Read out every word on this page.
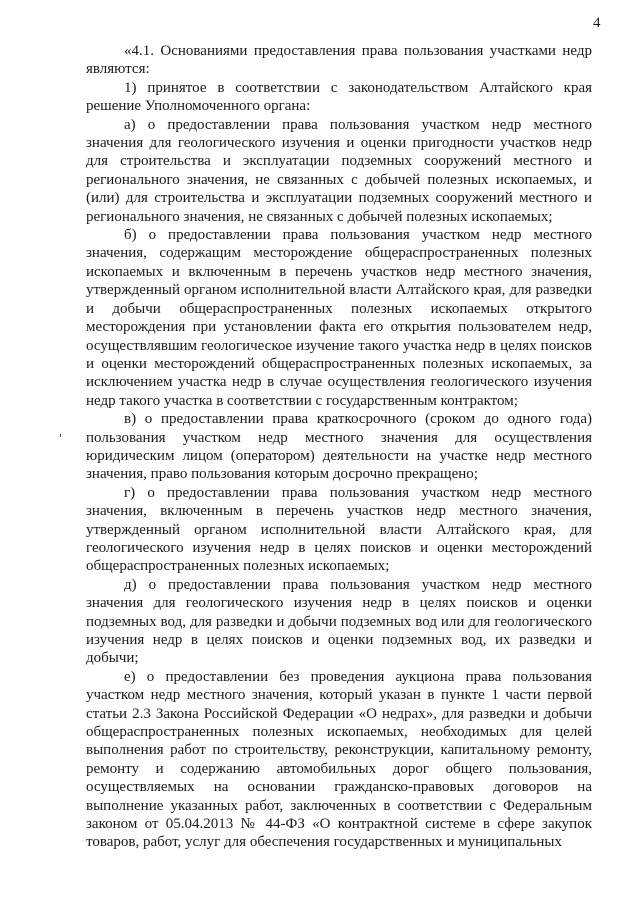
4

«4.1. Основаниями предоставления права пользования участками недр являются:

1) принятое в соответствии с законодательством Алтайского края решение Уполномоченного органа:

а) о предоставлении права пользования участком недр местного значения для геологического изучения и оценки пригодности участков недр для строительства и эксплуатации подземных сооружений местного и регионального значения, не связанных с добычей полезных ископаемых, и (или) для строительства и эксплуатации подземных сооружений местного и регионального значения, не связанных с добычей полезных ископаемых;

б) о предоставлении права пользования участком недр местного значения, содержащим месторождение общераспространенных полезных ископаемых и включенным в перечень участков недр местного значения, утвержденный органом исполнительной власти Алтайского края, для разведки и добычи общераспространенных полезных ископаемых открытого месторождения при установлении факта его открытия пользователем недр, осуществлявшим геологическое изучение такого участка недр в целях поисков и оценки месторождений общераспространенных полезных ископаемых, за исключением участка недр в случае осуществления геологического изучения недр такого участка в соответствии с государственным контрактом;

в) о предоставлении права краткосрочного (сроком до одного года) пользования участком недр местного значения для осуществления юридическим лицом (оператором) деятельности на участке недр местного значения, право пользования которым досрочно прекращено;

г) о предоставлении права пользования участком недр местного значения, включенным в перечень участков недр местного значения, утвержденный органом исполнительной власти Алтайского края, для геологического изучения недр в целях поисков и оценки месторождений общераспространенных полезных ископаемых;

д) о предоставлении права пользования участком недр местного значения для геологического изучения недр в целях поисков и оценки подземных вод, для разведки и добычи подземных вод или для геологического изучения недр в целях поисков и оценки подземных вод, их разведки и добычи;

е) о предоставлении без проведения аукциона права пользования участком недр местного значения, который указан в пункте 1 части первой статьи 2.3 Закона Российской Федерации «О недрах», для разведки и добычи общераспространенных полезных ископаемых, необходимых для целей выполнения работ по строительству, реконструкции, капитальному ремонту, ремонту и содержанию автомобильных дорог общего пользования, осуществляемых на основании гражданско-правовых договоров на выполнение указанных работ, заключенных в соответствии с Федеральным законом от 05.04.2013 № 44-ФЗ «О контрактной системе в сфере закупок товаров, работ, услуг для обеспечения государственных и муниципальных
